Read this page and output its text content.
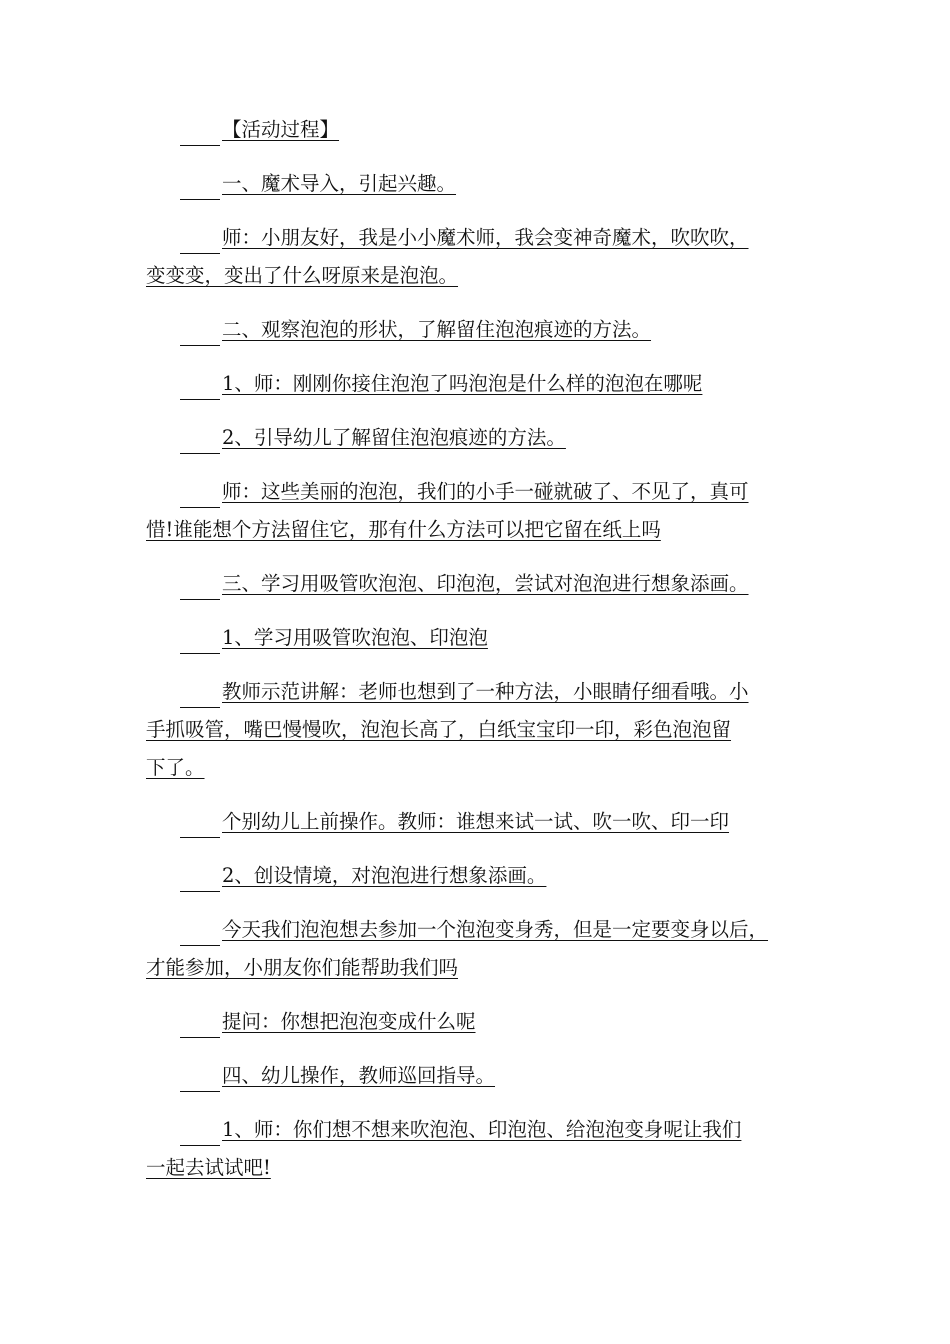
【活动过程】
一、魔术导入，引起兴趣。
师：小朋友好，我是小小魔术师，我会变神奇魔术，吹吹吹，
变变变，变出了什么呀原来是泡泡。
二、观察泡泡的形状，了解留住泡泡痕迹的方法。
1、师：刚刚你接住泡泡了吗泡泡是什么样的泡泡在哪呢
2、引导幼儿了解留住泡泡痕迹的方法。
师：这些美丽的泡泡，我们的小手一碰就破了、不见了，真可
惜!谁能想个方法留住它，那有什么方法可以把它留在纸上吗
三、学习用吸管吹泡泡、印泡泡，尝试对泡泡进行想象添画。
1、学习用吸管吹泡泡、印泡泡
教师示范讲解：老师也想到了一种方法，小眼睛仔细看哦。小
手抓吸管，嘴巴慢慢吹，泡泡长高了，白纸宝宝印一印，彩色泡泡留
下了。
个别幼儿上前操作。教师：谁想来试一试、吹一吹、印一印
2、创设情境，对泡泡进行想象添画。
今天我们泡泡想去参加一个泡泡变身秀，但是一定要变身以后，
才能参加，小朋友你们能帮助我们吗
提问：你想把泡泡变成什么呢
四、幼儿操作，教师巡回指导。
1、师：你们想不想来吹泡泡、印泡泡、给泡泡变身呢让我们
一起去试试吧!
